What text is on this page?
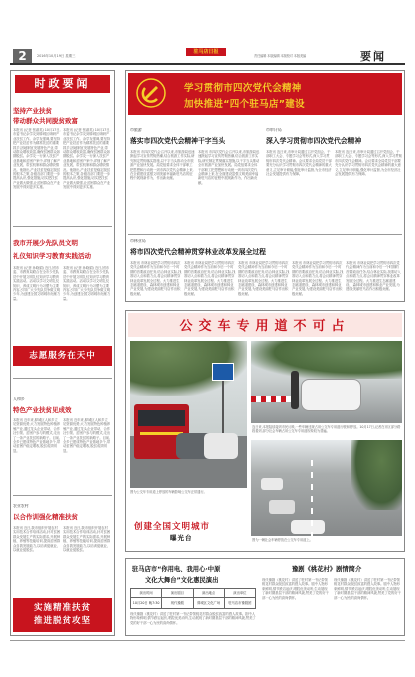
2	2016年10月19日 星期三
驻马店日报
责任编辑 本版编辑 本版校对 本版美编	要闻
时政要闻
坚持产业扶贫
带动群众共同脱贫致富
本报讯 (记者 张淑英) 10月17日,市委书记余学友到驿城区调研产业扶贫工作。余学友强调,要坚持把产业扶贫作为精准扶贫的重要抓手,因地制宜发展特色产业,带动群众增收致富,确保贫困群众如期脱贫。余学友一行深入扶贫产业基地和贫困户家中,详细了解产业发展、带贫机制和群众增收情况。他指出,产业扶贫是稳定脱贫的根本之策,各级各部门要进一步提高认识,强化措施,切实把扶贫产业做大做强,让贫困群众在产业发展中得到更多实惠。
本报讯 (记者 张淑英) 10月17日,市委书记余学友到驿城区调研产业扶贫工作。余学友强调,要坚持把产业扶贫作为精准扶贫的重要抓手,因地制宜发展特色产业,带动群众增收致富,确保贫困群众如期脱贫。余学友一行深入扶贫产业基地和贫困户家中,详细了解产业发展、带贫机制和群众增收情况。他指出,产业扶贫是稳定脱贫的根本之策,各级各部门要进一步提高认识,强化措施,切实把扶贫产业做大做强,让贫困群众在产业发展中得到更多实惠。
我市开展少先队员文明
礼仪知识学习教育实践活动
本报讯 (记者 孙晓娟) 近日,团市委、市教育局联合在全市少先队员中开展文明礼仪知识学习教育实践活动。活动以学习文明礼仪知识、养成文明行为习惯为主要内容,引导广大少先队员争做文明少年,为创建全国文明城市贡献力量。
本报讯 (记者 孙晓娟) 近日,团市委、市教育局联合在全市少先队员中开展文明礼仪知识学习教育实践活动。活动以学习文明礼仪知识、养成文明行为习惯为主要内容,引导广大少先队员争做文明少年,为创建全国文明城市贡献力量。
志愿服务在天中
人和乡
特色产业扶贫见成效
本报讯 近年来,驿城区人和乡立足资源优势,大力发展特色种植养殖产业,通过龙头企业带动、合作社引领、贫困户参与的模式,走出了一条产业扶贫的新路子。目前,全乡已建成特色产业基地多个,带动贫困户稳定增收,脱贫成效明显。
本报讯 近年来,驿城区人和乡立足资源优势,大力发展特色种植养殖产业,通过龙头企业带动、合作社引领、贫困户参与的模式,走出了一条产业扶贫的新路子。目前,全乡已建成特色产业基地多个,带动贫困户稳定增收,脱贫成效明显。
农业农村
以合作训强化精准扶贫
本报讯 近日,我市组织开展农村实用技术合作培训活动,针对贫困群众发展生产的实际需求,开展种植、养殖等技能培训,提高贫困群众自我发展能力,以培训促就业、以就业促脱贫。
本报讯 近日,我市组织开展农村实用技术合作培训活动,针对贫困群众发展生产的实际需求,开展种植、养殖等技能培训,提高贫困群众自我发展能力,以培训促就业、以就业促脱贫。
实施精准扶贫
推进脱贫攻坚
学习贯彻市四次党代会精神
加快推进“四个驻马店”建设
市旅游
落实市四次党代会精神干字当头
本报讯 市四次党代会召开以来,市旅游局迅速掀起学习宣传贯彻热潮,结合旅游工作实际,研究制定贯彻落实措施,以干字当头推动全市旅游产业加快发展。局党组要求全体干部职工把思想和行动统一到市四次党代会精神上来,在全面建设富强文明美丽幸福新驻马店的征程中展现新作为、作出新贡献。
本报讯 市四次党代会召开以来,市旅游局迅速掀起学习宣传贯彻热潮,结合旅游工作实际,研究制定贯彻落实措施,以干字当头推动全市旅游产业加快发展。局党组要求全体干部职工把思想和行动统一到市四次党代会精神上来,在全面建设富强文明美丽幸福新驻马店的征程中展现新作为、作出新贡献。
市审计局
深入学习贯彻市四次党代会精神
本报讯 连日来,市审计局通过召开党组会、干部职工大会、专题学习会等形式,深入学习贯彻市四次党代会精神。会议要求全局党员干部要充分认识学习贯彻市四次党代会精神的重大意义,立足审计职能,强化审计监督,为全市经济社会发展提供有力保障。
本报讯 连日来,市审计局通过召开党组会、干部职工大会、专题学习会等形式,深入学习贯彻市四次党代会精神。会议要求全局党员干部要充分认识学习贯彻市四次党代会精神的重大意义,立足审计职能,强化审计监督,为全市经济社会发展提供有力保障。
市林业局
将市四次党代会精神贯穿林业改革发展全过程
本报讯 市林业局把学习贯彻市四次党代会精神作为当前和今后一个时期的首要政治任务,结合林业实际,找准切入点和着力点,将会议精神贯穿林业改革发展全过程。大力推进生态廊道建设、森林城市创建和林业产业发展,为建设美丽驻马店作出积极贡献。
本报讯 市林业局把学习贯彻市四次党代会精神作为当前和今后一个时期的首要政治任务,结合林业实际,找准切入点和着力点,将会议精神贯穿林业改革发展全过程。大力推进生态廊道建设、森林城市创建和林业产业发展,为建设美丽驻马店作出积极贡献。
本报讯 市林业局把学习贯彻市四次党代会精神作为当前和今后一个时期的首要政治任务,结合林业实际,找准切入点和着力点,将会议精神贯穿林业改革发展全过程。大力推进生态廊道建设、森林城市创建和林业产业发展,为建设美丽驻马店作出积极贡献。
本报讯 市林业局把学习贯彻市四次党代会精神作为当前和今后一个时期的首要政治任务,结合林业实际,找准切入点和着力点,将会议精神贯穿林业改革发展全过程。大力推进生态廊道建设、森林城市创建和林业产业发展,为建设美丽驻马店作出积极贡献。
本报讯 市林业局把学习贯彻市四次党代会精神作为当前和今后一个时期的首要政治任务,结合林业实际,找准切入点和着力点,将会议精神贯穿林业改革发展全过程。大力推进生态廊道建设、森林城市创建和林业产业发展,为建设美丽驻马店作出积极贡献。
公交车专用道不可占
连日来,本报陆续接到市民反映,一些车辆违规占用公交车专用道行驶和停放。10月17日,记者在市区部分路段看到,部分社会车辆占用公交车专用道现象较为普遍。
图为公交车专用道上停放的车辆影响公交车正常通行。
创建全国文明城市
曝光台	图为一辆社会车辆停放在公交车专用道上。
驻马店市“你用电、我用心·中原
文化大舞台”文化惠民演出
演出时间	演出剧目	演出地点	演出单位
10月20日 晚7:30	现代豫剧	驿城区文化广场	驻马店市豫剧团
现代豫剧《桃花村》讲述了驻村第一书记带领桃花村群众脱贫致富的感人故事。剧中人物形象鲜明,情节跌宕起伏,唱腔优美动听,生动展现了新时期基层干部的精神风貌,赞美了党的好干部一心为民的高尚情怀。
豫剧《桃花村》剧情简介
现代豫剧《桃花村》讲述了驻村第一书记带领桃花村群众脱贫致富的感人故事。剧中人物形象鲜明,情节跌宕起伏,唱腔优美动听,生动展现了新时期基层干部的精神风貌,赞美了党的好干部一心为民的高尚情怀。
现代豫剧《桃花村》讲述了驻村第一书记带领桃花村群众脱贫致富的感人故事。剧中人物形象鲜明,情节跌宕起伏,唱腔优美动听,生动展现了新时期基层干部的精神风貌,赞美了党的好干部一心为民的高尚情怀。
